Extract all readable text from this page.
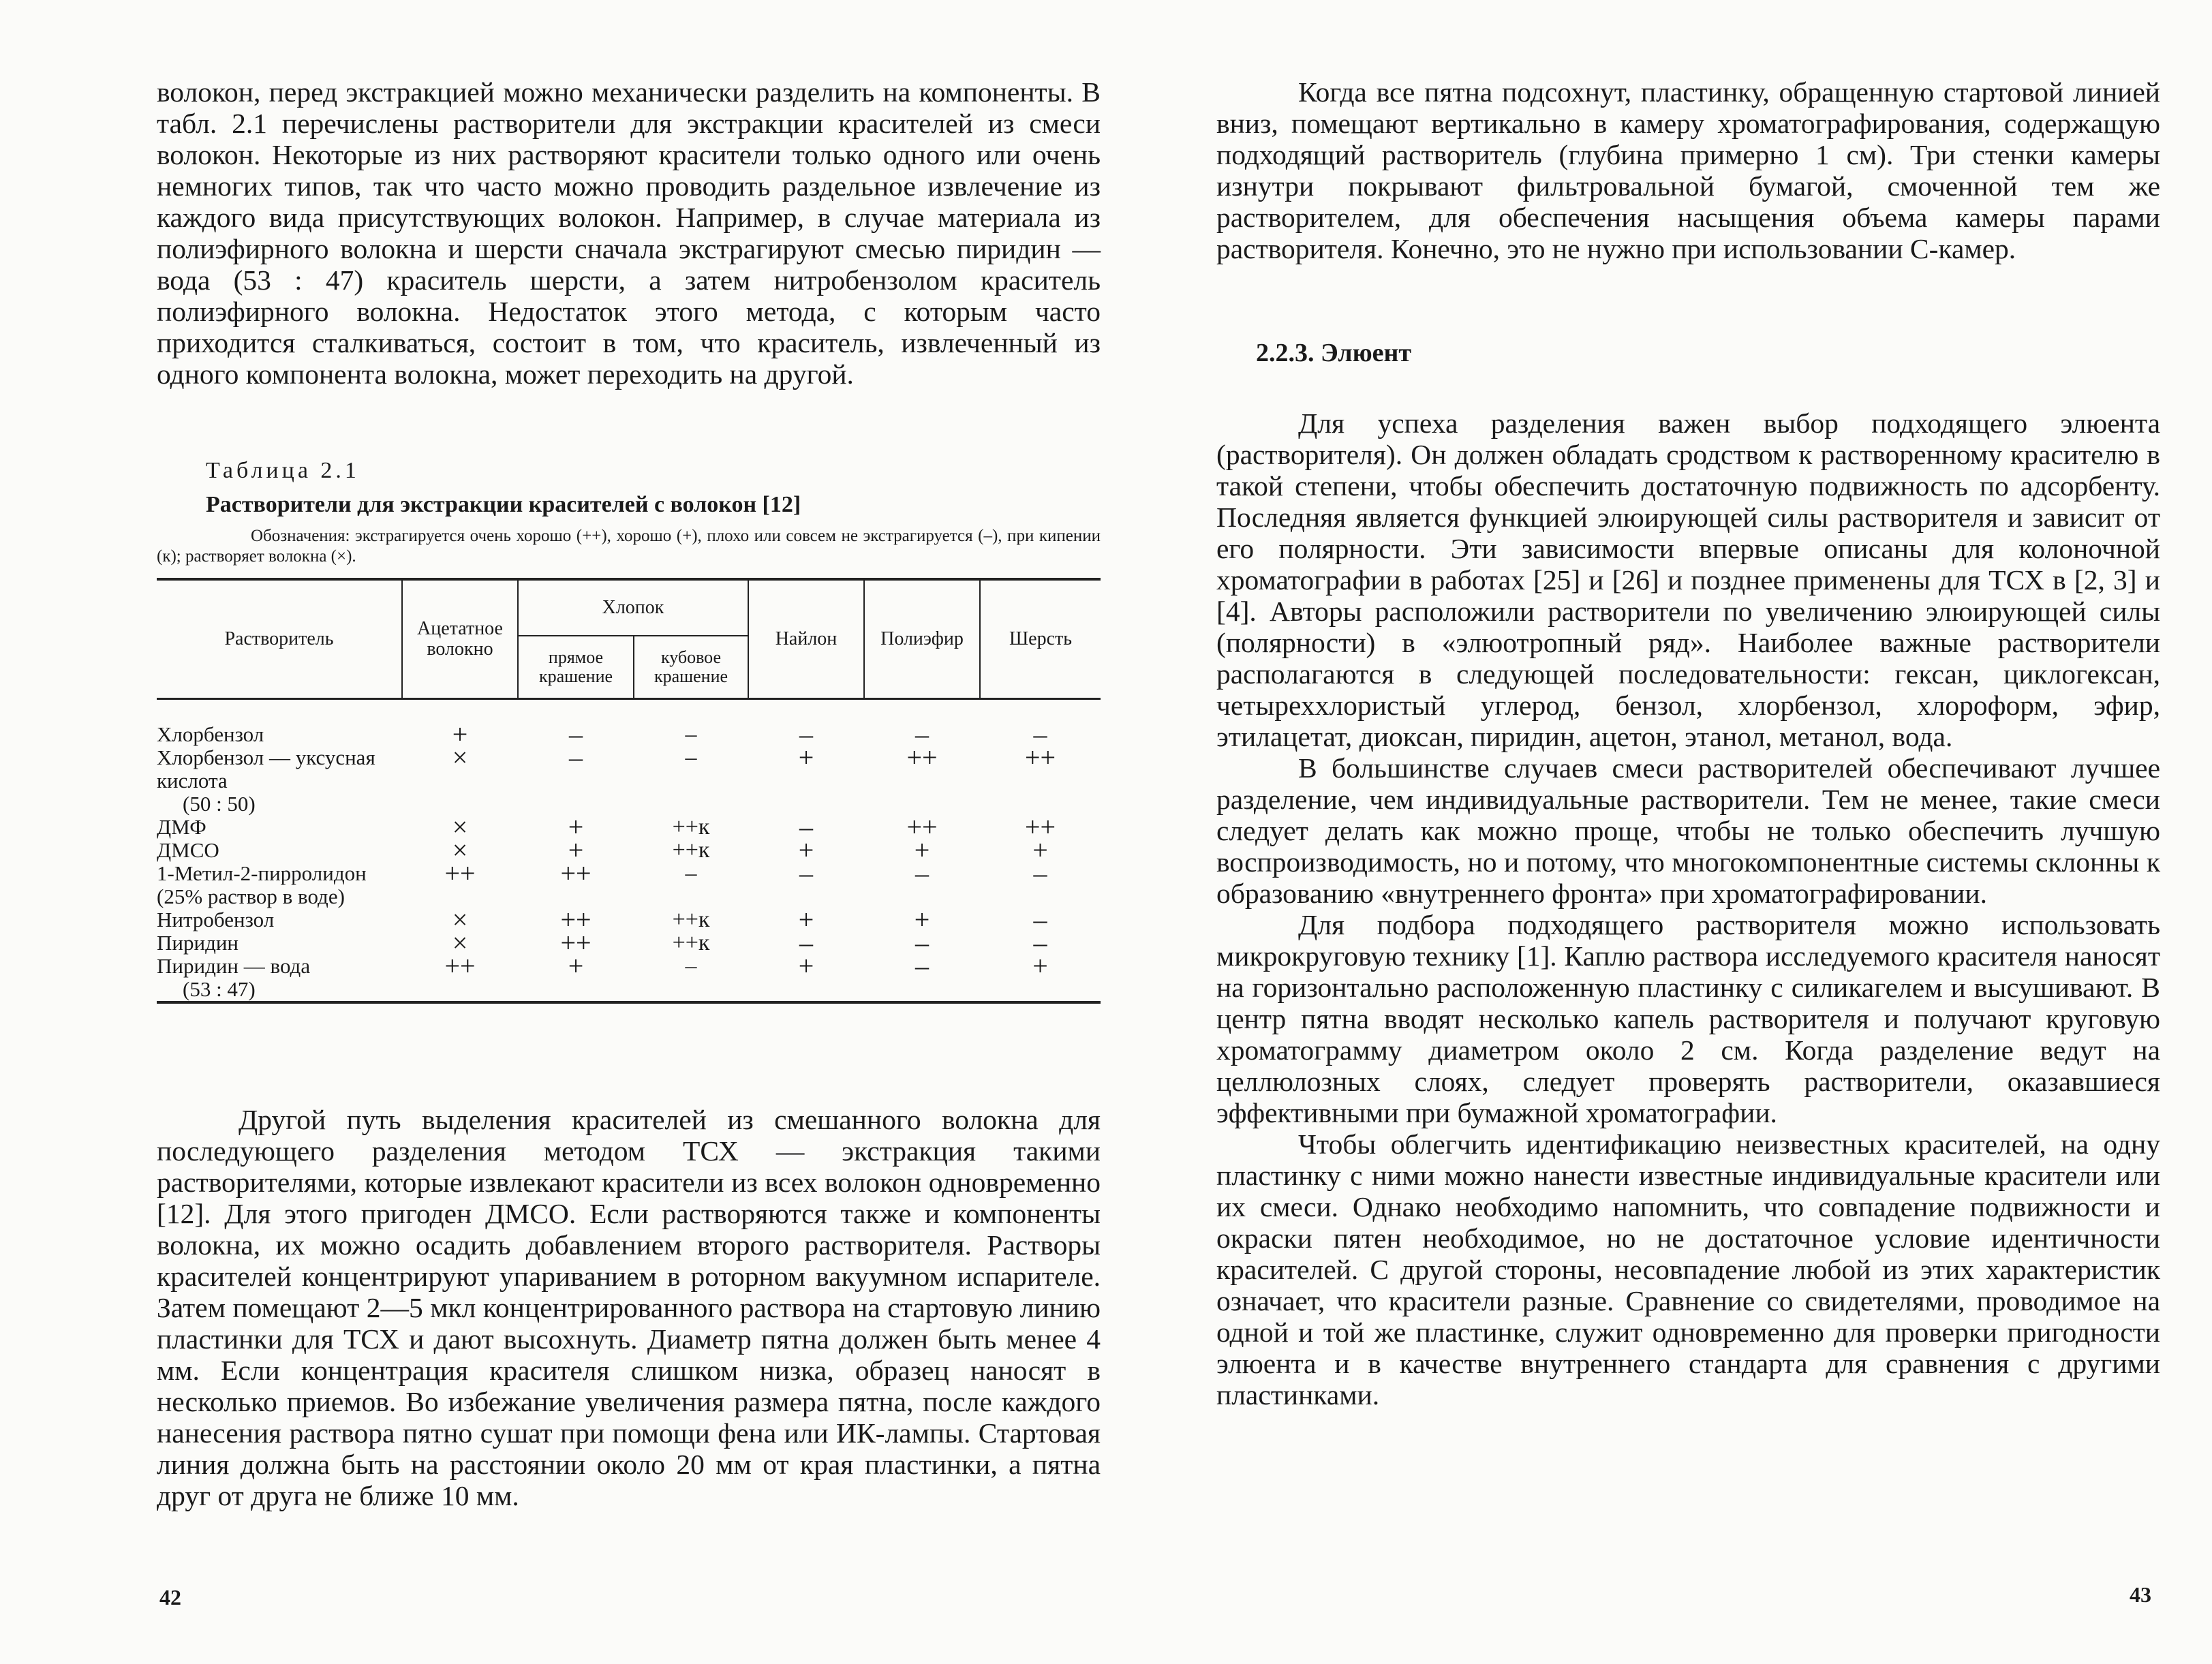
волокон, перед экстракцией можно механически разделить на компоненты. В табл. 2.1 перечислены растворители для экстракции красителей из смеси волокон. Некоторые из них растворяют красители только одного или очень немногих типов, так что часто можно проводить раздельное извлечение из каждого вида присутствующих волокон. Например, в случае материала из полиэфирного волокна и шерсти сначала экстрагируют смесью пиридин — вода (53 : 47) краситель шерсти, а затем нитробензолом краситель полиэфирного волокна. Недостаток этого метода, с которым часто приходится сталкиваться, состоит в том, что краситель, извлеченный из одного компонента волокна, может переходить на другой.

Таблица 2.1

Растворители для экстракции красителей с волокон [12]

Обозначения: экстрагируется очень хорошо (++), хорошо (+), плохо или совсем не экстрагируется (–), при кипении (к); растворяет волокна (×).

Растворитель	Ацетатное волокно	Хлопок		Найлон	Полиэфир	Шерсть
		прямое крашение	кубовое крашение			
Хлорбензол	+	–	–	–	–	–
Хлорбензол — уксусная кислота
(50 : 50)	×	–	–	+	++	++
ДМФ	×	+	++к	–	++	++
ДМСО	×	+	++к	+	+	+
1-Метил-2-пирролидон (25% раствор в воде)	++	++	–	–	–	–
Нитробензол	×	++	++к	+	+	–
Пиридин	×	++	++к	–	–	–
Пиридин — вода
(53 : 47)	++	+	–	+	–	+

Другой путь выделения красителей из смешанного волокна для последующего разделения методом ТСХ — экстракция такими растворителями, которые извлекают красители из всех волокон одновременно [12]. Для этого пригоден ДМСО. Если растворяются также и компоненты волокна, их можно осадить добавлением второго растворителя. Растворы красителей концентрируют упариванием в роторном вакуумном испарителе. Затем помещают 2—5 мкл концентрированного раствора на стартовую линию пластинки для ТСХ и дают высохнуть. Диаметр пятна должен быть менее 4 мм. Если концентрация красителя слишком низка, образец наносят в несколько приемов. Во избежание увеличения размера пятна, после каждого нанесения раствора пятно сушат при помощи фена или ИК-лампы. Стартовая линия должна быть на расстоянии около 20 мм от края пластинки, а пятна друг от друга не ближе 10 мм.

42

Когда все пятна подсохнут, пластинку, обращенную стартовой линией вниз, помещают вертикально в камеру хроматографирования, содержащую подходящий растворитель (глубина примерно 1 см). Три стенки камеры изнутри покрывают фильтровальной бумагой, смоченной тем же растворителем, для обеспечения насыщения объема камеры парами растворителя. Конечно, это не нужно при использовании С-камер.

2.2.3. Элюент

Для успеха разделения важен выбор подходящего элюента (растворителя). Он должен обладать сродством к растворенному красителю в такой степени, чтобы обеспечить достаточную подвижность по адсорбенту. Последняя является функцией элюирующей силы растворителя и зависит от его полярности. Эти зависимости впервые описаны для колоночной хроматографии в работах [25] и [26] и позднее применены для ТСХ в [2, 3] и [4]. Авторы расположили растворители по увеличению элюирующей силы (полярности) в «элюотропный ряд». Наиболее важные растворители располагаются в следующей последовательности: гексан, циклогексан, четыреххлористый углерод, бензол, хлорбензол, хлороформ, эфир, этилацетат, диоксан, пиридин, ацетон, этанол, метанол, вода.

В большинстве случаев смеси растворителей обеспечивают лучшее разделение, чем индивидуальные растворители. Тем не менее, такие смеси следует делать как можно проще, чтобы не только обеспечить лучшую воспроизводимость, но и потому, что многокомпонентные системы склонны к образованию «внутреннего фронта» при хроматографировании.

Для подбора подходящего растворителя можно использовать микрокруговую технику [1]. Каплю раствора исследуемого красителя наносят на горизонтально расположенную пластинку с силикагелем и высушивают. В центр пятна вводят несколько капель растворителя и получают круговую хроматограмму диаметром около 2 см. Когда разделение ведут на целлюлозных слоях, следует проверять растворители, оказавшиеся эффективными при бумажной хроматографии.

Чтобы облегчить идентификацию неизвестных красителей, на одну пластинку с ними можно нанести известные индивидуальные красители или их смеси. Однако необходимо напомнить, что совпадение подвижности и окраски пятен необходимое, но не достаточное условие идентичности красителей. С другой стороны, несовпадение любой из этих характеристик означает, что красители разные. Сравнение со свидетелями, проводимое на одной и той же пластинке, служит одновременно для проверки пригодности элюента и в качестве внутреннего стандарта для сравнения с другими пластинками.

43
